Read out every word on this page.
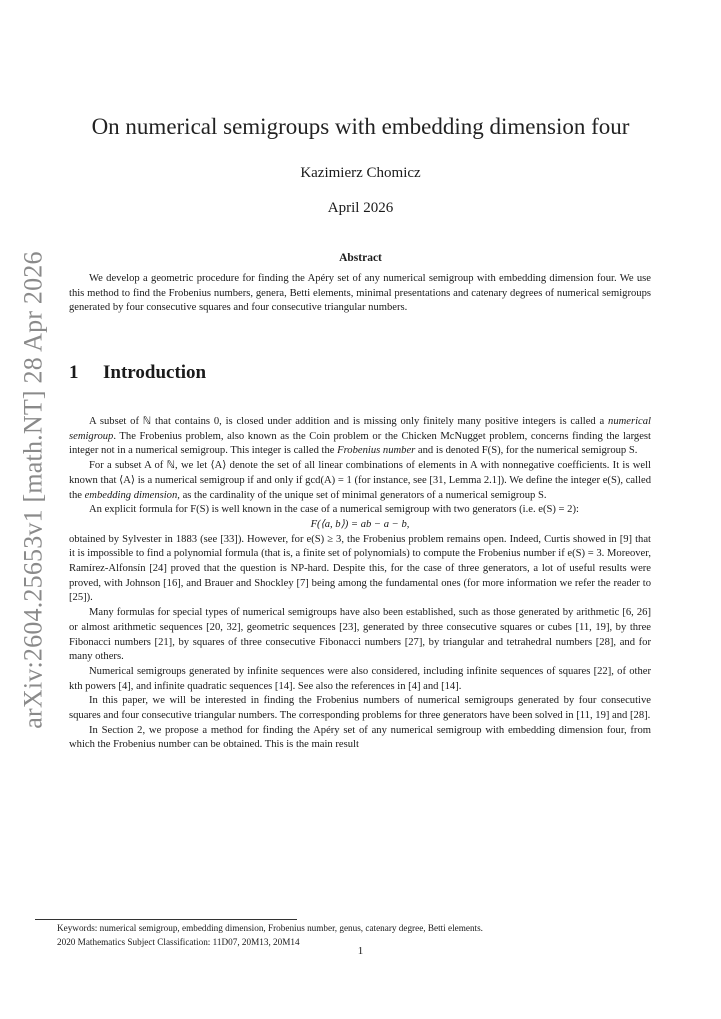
arXiv:2604.25653v1 [math.NT] 28 Apr 2026
On numerical semigroups with embedding dimension four
Kazimierz Chomicz
April 2026
Abstract
We develop a geometric procedure for finding the Apéry set of any numerical semigroup with embedding dimension four. We use this method to find the Frobenius numbers, genera, Betti elements, minimal presentations and catenary degrees of numerical semigroups generated by four consecutive squares and four consecutive triangular numbers.
1 Introduction

A subset of ℕ that contains 0, is closed under addition and is missing only finitely many positive integers is called a numerical semigroup. The Frobenius problem, also known as the Coin problem or the Chicken McNugget problem, concerns finding the largest integer not in a numerical semigroup. This integer is called the Frobenius number and is denoted F(S), for the numerical semigroup S.

For a subset A of ℕ, we let ⟨A⟩ denote the set of all linear combinations of elements in A with nonnegative coefficients. It is well known that ⟨A⟩ is a numerical semigroup if and only if gcd(A) = 1 (for instance, see [31, Lemma 2.1]). We define the integer e(S), called the embedding dimension, as the cardinality of the unique set of minimal generators of a numerical semigroup S.

An explicit formula for F(S) is well known in the case of a numerical semigroup with two generators (i.e. e(S) = 2):

F(⟨a, b⟩) = ab − a − b,

obtained by Sylvester in 1883 (see [33]). However, for e(S) ≥ 3, the Frobenius problem remains open. Indeed, Curtis showed in [9] that it is impossible to find a polynomial formula (that is, a finite set of polynomials) to compute the Frobenius number if e(S) = 3. Moreover, Ramírez-Alfonsín [24] proved that the question is NP-hard. Despite this, for the case of three generators, a lot of useful results were proved, with Johnson [16], and Brauer and Shockley [7] being among the fundamental ones (for more information we refer the reader to [25]).

Many formulas for special types of numerical semigroups have also been established, such as those generated by arithmetic [6, 26] or almost arithmetic sequences [20, 32], geometric sequences [23], generated by three consecutive squares or cubes [11, 19], by three Fibonacci numbers [21], by squares of three consecutive Fibonacci numbers [27], by triangular and tetrahedral numbers [28], and for many others.

Numerical semigroups generated by infinite sequences were also considered, including infinite sequences of squares [22], of other kth powers [4], and infinite quadratic sequences [14]. See also the references in [4] and [14].

In this paper, we will be interested in finding the Frobenius numbers of numerical semigroups generated by four consecutive squares and four consecutive triangular numbers. The corresponding problems for three generators have been solved in [11, 19] and [28].

In Section 2, we propose a method for finding the Apéry set of any numerical semigroup with embedding dimension four, from which the Frobenius number can be obtained. This is the main result

Keywords: numerical semigroup, embedding dimension, Frobenius number, genus, catenary degree, Betti elements.
2020 Mathematics Subject Classification: 11D07, 20M13, 20M14
1
